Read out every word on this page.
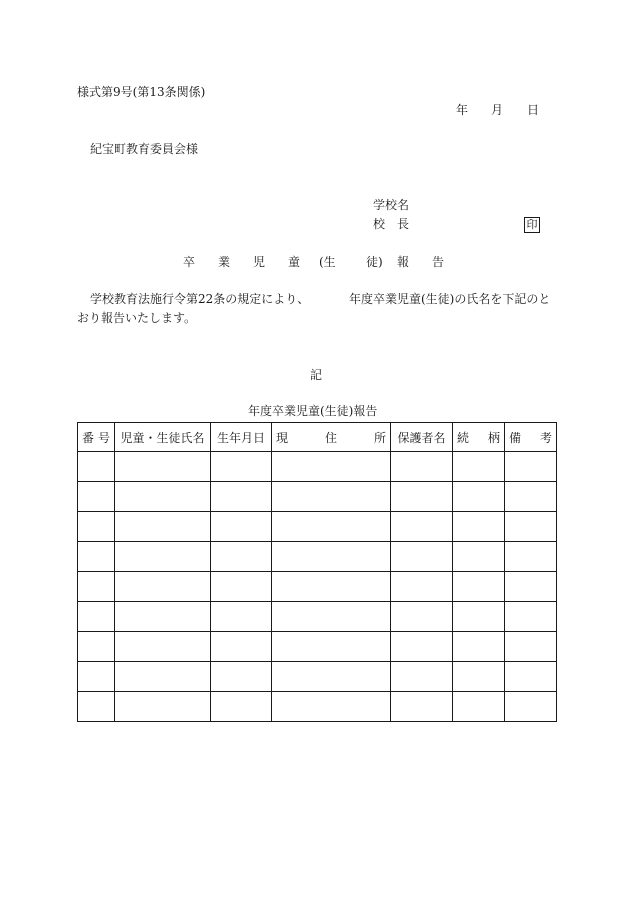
様式第9号(第13条関係)
年 月 日
紀宝町教育委員会様
学校名
校　長	印
卒 業 児 童 (生	徒) 報 告
学校教育法施行令第22条の規定により、	年度卒業児童(生徒)の氏名を下記のと
おり報告いたします。
記
年度卒業児童(生徒)報告
番 号	児童・生徒氏名	生年月日	現 住 所	保護者名	続 柄	備 考
